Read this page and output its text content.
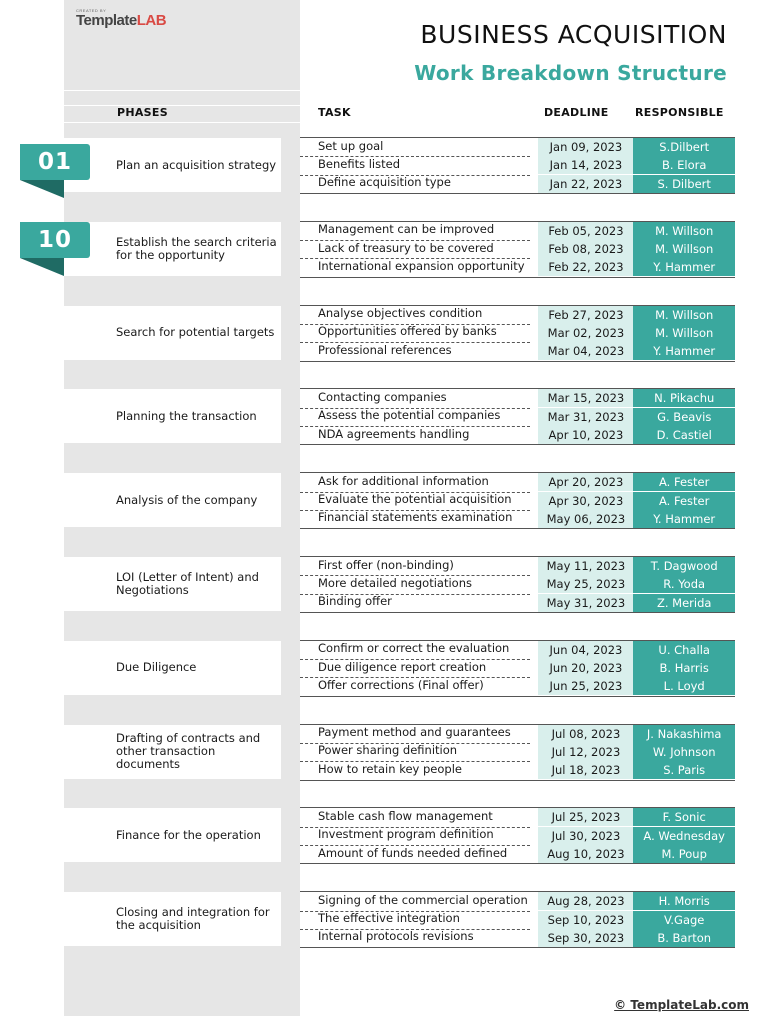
CREATED BY
TemplateLAB	BUSINESS ACQUISITION
Work Breakdown Structure
PHASES	TASK	DEADLINE RESPONSIBLE
Plan an acquisition strategy
Set up goal	Jan 09, 2023	S.Dilbert
Benefits listed	Jan 14, 2023	B. Elora
Define acquisition type	Jan 22, 2023	S. Dilbert
Establish the search criteria for the opportunity
Management can be improved	Feb 05, 2023	M. Willson
Lack of treasury to be covered	Feb 08, 2023	M. Willson
International expansion opportunity	Feb 22, 2023	Y. Hammer
Search for potential targets
Analyse objectives condition	Feb 27, 2023	M. Willson
Opportunities offered by banks	Mar 02, 2023	M. Willson
Professional references	Mar 04, 2023	Y. Hammer
Planning the transaction
Contacting companies	Mar 15, 2023	N. Pikachu
Assess the potential companies	Mar 31, 2023	G. Beavis
NDA agreements handling	Apr 10, 2023	D. Castiel
Analysis of the company
Ask for additional information	Apr 20, 2023	A. Fester
Evaluate the potential acquisition	Apr 30, 2023	A. Fester
Financial statements examination	May 06, 2023	Y. Hammer
LOI (Letter of Intent) and Negotiations
First offer (non-binding)	May 11, 2023	T. Dagwood
More detailed negotiations	May 25, 2023	R. Yoda
Binding offer	May 31, 2023	Z. Merida
Due Diligence
Confirm or correct the evaluation	Jun 04, 2023	U. Challa
Due diligence report creation	Jun 20, 2023	B. Harris
Offer corrections (Final offer)	Jun 25, 2023	L. Loyd
Drafting of contracts and other transaction documents
Payment method and guarantees	Jul 08, 2023	J. Nakashima
Power sharing definition	Jul 12, 2023	W. Johnson
How to retain key people	Jul 18, 2023	S. Paris
Finance for the operation
Stable cash flow management	Jul 25, 2023	F. Sonic
Investment program definition	Jul 30, 2023	A. Wednesday
Amount of funds needed defined	Aug 10, 2023	M. Poup
Closing and integration for the acquisition
Signing of the commercial operation	Aug 28, 2023	H. Morris
The effective integration	Sep 10, 2023	V.Gage
Internal protocols revisions	Sep 30, 2023	B. Barton
01
10
© TemplateLab.com
